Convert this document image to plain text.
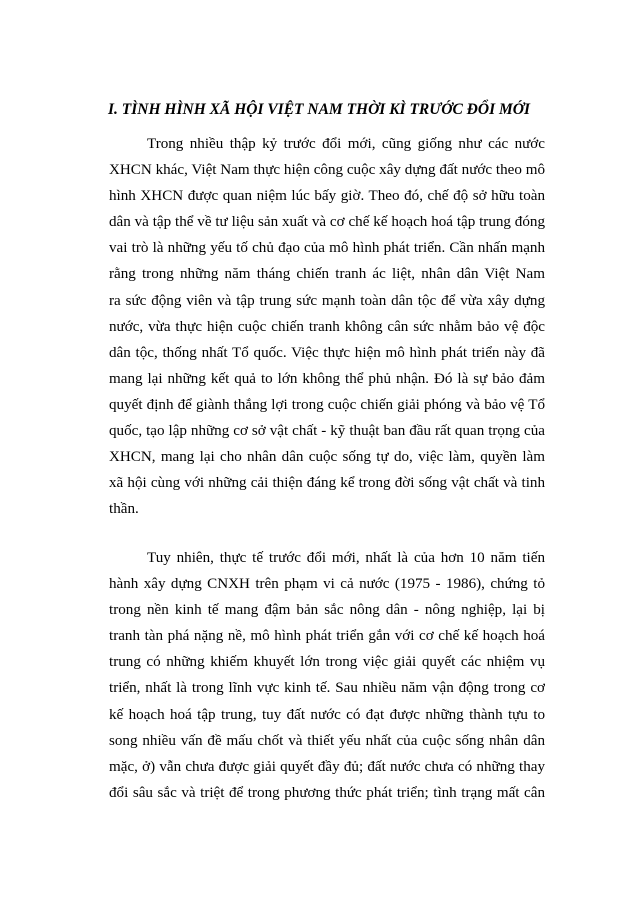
I. TÌNH HÌNH XÃ HỘI VIỆT NAM THỜI KÌ TRƯỚC ĐỔI MỚI
Trong nhiều thập kỷ trước đổi mới, cũng giống như các nước
XHCN khác, Việt Nam thực hiện công cuộc xây dựng đất nước theo mô
hình XHCN được quan niệm lúc bấy giờ. Theo đó, chế độ sở hữu toàn
dân và tập thể về tư liệu sản xuất và cơ chế kế hoạch hoá tập trung đóng
vai trò là những yếu tố chủ đạo của mô hình phát triển. Cần nhấn mạnh
rằng trong những năm tháng chiến tranh ác liệt, nhân dân Việt Nam
ra sức động viên và tập trung sức mạnh toàn dân tộc để vừa xây dựng
nước, vừa thực hiện cuộc chiến tranh không cân sức nhằm bảo vệ độc
dân tộc, thống nhất Tổ quốc. Việc thực hiện mô hình phát triển này đã
mang lại những kết quả to lớn không thể phủ nhận. Đó là sự bảo đảm
quyết định để giành thắng lợi trong cuộc chiến giải phóng và bảo vệ Tổ
quốc, tạo lập những cơ sở vật chất - kỹ thuật ban đầu rất quan trọng của
XHCN, mang lại cho nhân dân cuộc sống tự do, việc làm, quyền làm
xã hội cùng với những cải thiện đáng kể trong đời sống vật chất và tinh
thần.
Tuy nhiên, thực tế trước đổi mới, nhất là của hơn 10 năm tiến
hành xây dựng CNXH trên phạm vi cả nước (1975 - 1986), chứng tỏ
trong nền kinh tế mang đậm bản sắc nông dân - nông nghiệp, lại bị
tranh tàn phá nặng nề, mô hình phát triển gắn với cơ chế kế hoạch hoá
trung có những khiếm khuyết lớn trong việc giải quyết các nhiệm vụ
triển, nhất là trong lĩnh vực kinh tế. Sau nhiều năm vận động trong cơ
kế hoạch hoá tập trung, tuy đất nước có đạt được những thành tựu to
song nhiều vấn đề mấu chốt và thiết yếu nhất của cuộc sống nhân dân
mặc, ở) vẫn chưa được giải quyết đầy đủ; đất nước chưa có những thay
đổi sâu sắc và triệt để trong phương thức phát triển; tình trạng mất cân
